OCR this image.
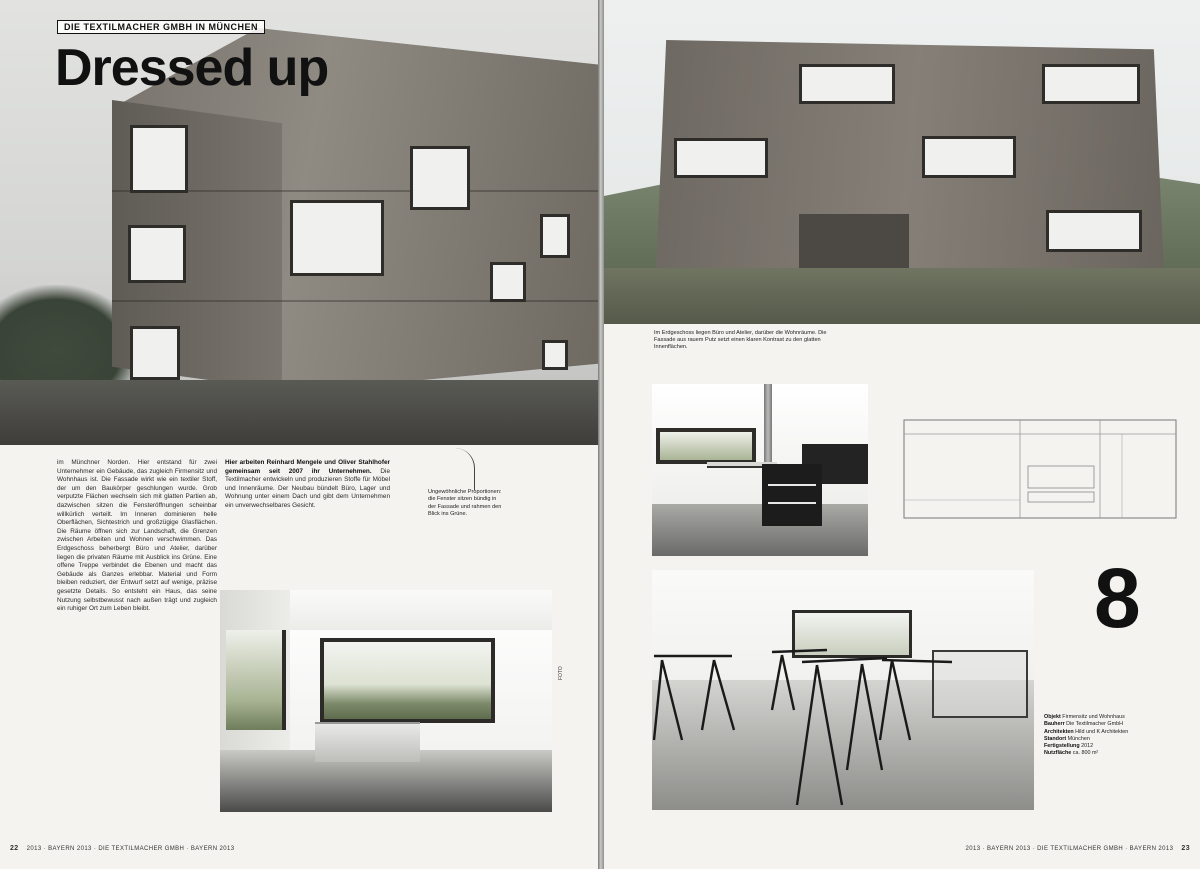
DIE TEXTILMACHER GMBH IN MÜNCHEN
Dressed up
im Münchner Norden. Hier entstand für zwei Unternehmer ein Gebäude, das zugleich Firmensitz und Wohnhaus ist. Die Fassade wirkt wie ein textiler Stoff, der um den Baukörper geschlungen wurde. Grob verputzte Flächen wechseln sich mit glatten Partien ab, dazwischen sitzen die Fensteröffnungen scheinbar willkürlich verteilt. Im Inneren dominieren helle Oberflächen, Sichtestrich und großzügige Glasflächen. Die Räume öffnen sich zur Landschaft, die Grenzen zwischen Arbeiten und Wohnen verschwimmen. Das Erdgeschoss beherbergt Büro und Atelier, darüber liegen die privaten Räume mit Ausblick ins Grüne. Eine offene Treppe verbindet die Ebenen und macht das Gebäude als Ganzes erlebbar. Material und Form bleiben reduziert, der Entwurf setzt auf wenige, präzise gesetzte Details. So entsteht ein Haus, das seine Nutzung selbstbewusst nach außen trägt und zugleich ein ruhiger Ort zum Leben bleibt.
Hier arbeiten Reinhard Mengele und Oliver Stahlhofer gemeinsam seit 2007 ihr Unternehmen. Die Textilmacher entwickeln und produzieren Stoffe für Möbel und Innenräume. Der Neubau bündelt Büro, Lager und Wohnung unter einem Dach und gibt dem Unternehmen ein unverwechselbares Gesicht.
Ungewöhnliche Proportionen: die Fenster sitzen bündig in der Fassade und rahmen den Blick ins Grüne.
FOTO
22 2013 · BAYERN 2013 · DIE TEXTILMACHER GMBH · BAYERN 2013
Im Erdgeschoss liegen Büro und Atelier, darüber die Wohnräume. Die Fassade aus rauem Putz setzt einen klaren Kontrast zu den glatten Innenflächen.
8
Objekt Firmensitz und Wohnhaus
Bauherr Die Textilmacher GmbH
Architekten Hild und K Architekten
Standort München
Fertigstellung 2012
Nutzfläche ca. 800 m²
2013 · BAYERN 2013 · DIE TEXTILMACHER GMBH · BAYERN 2013 23
